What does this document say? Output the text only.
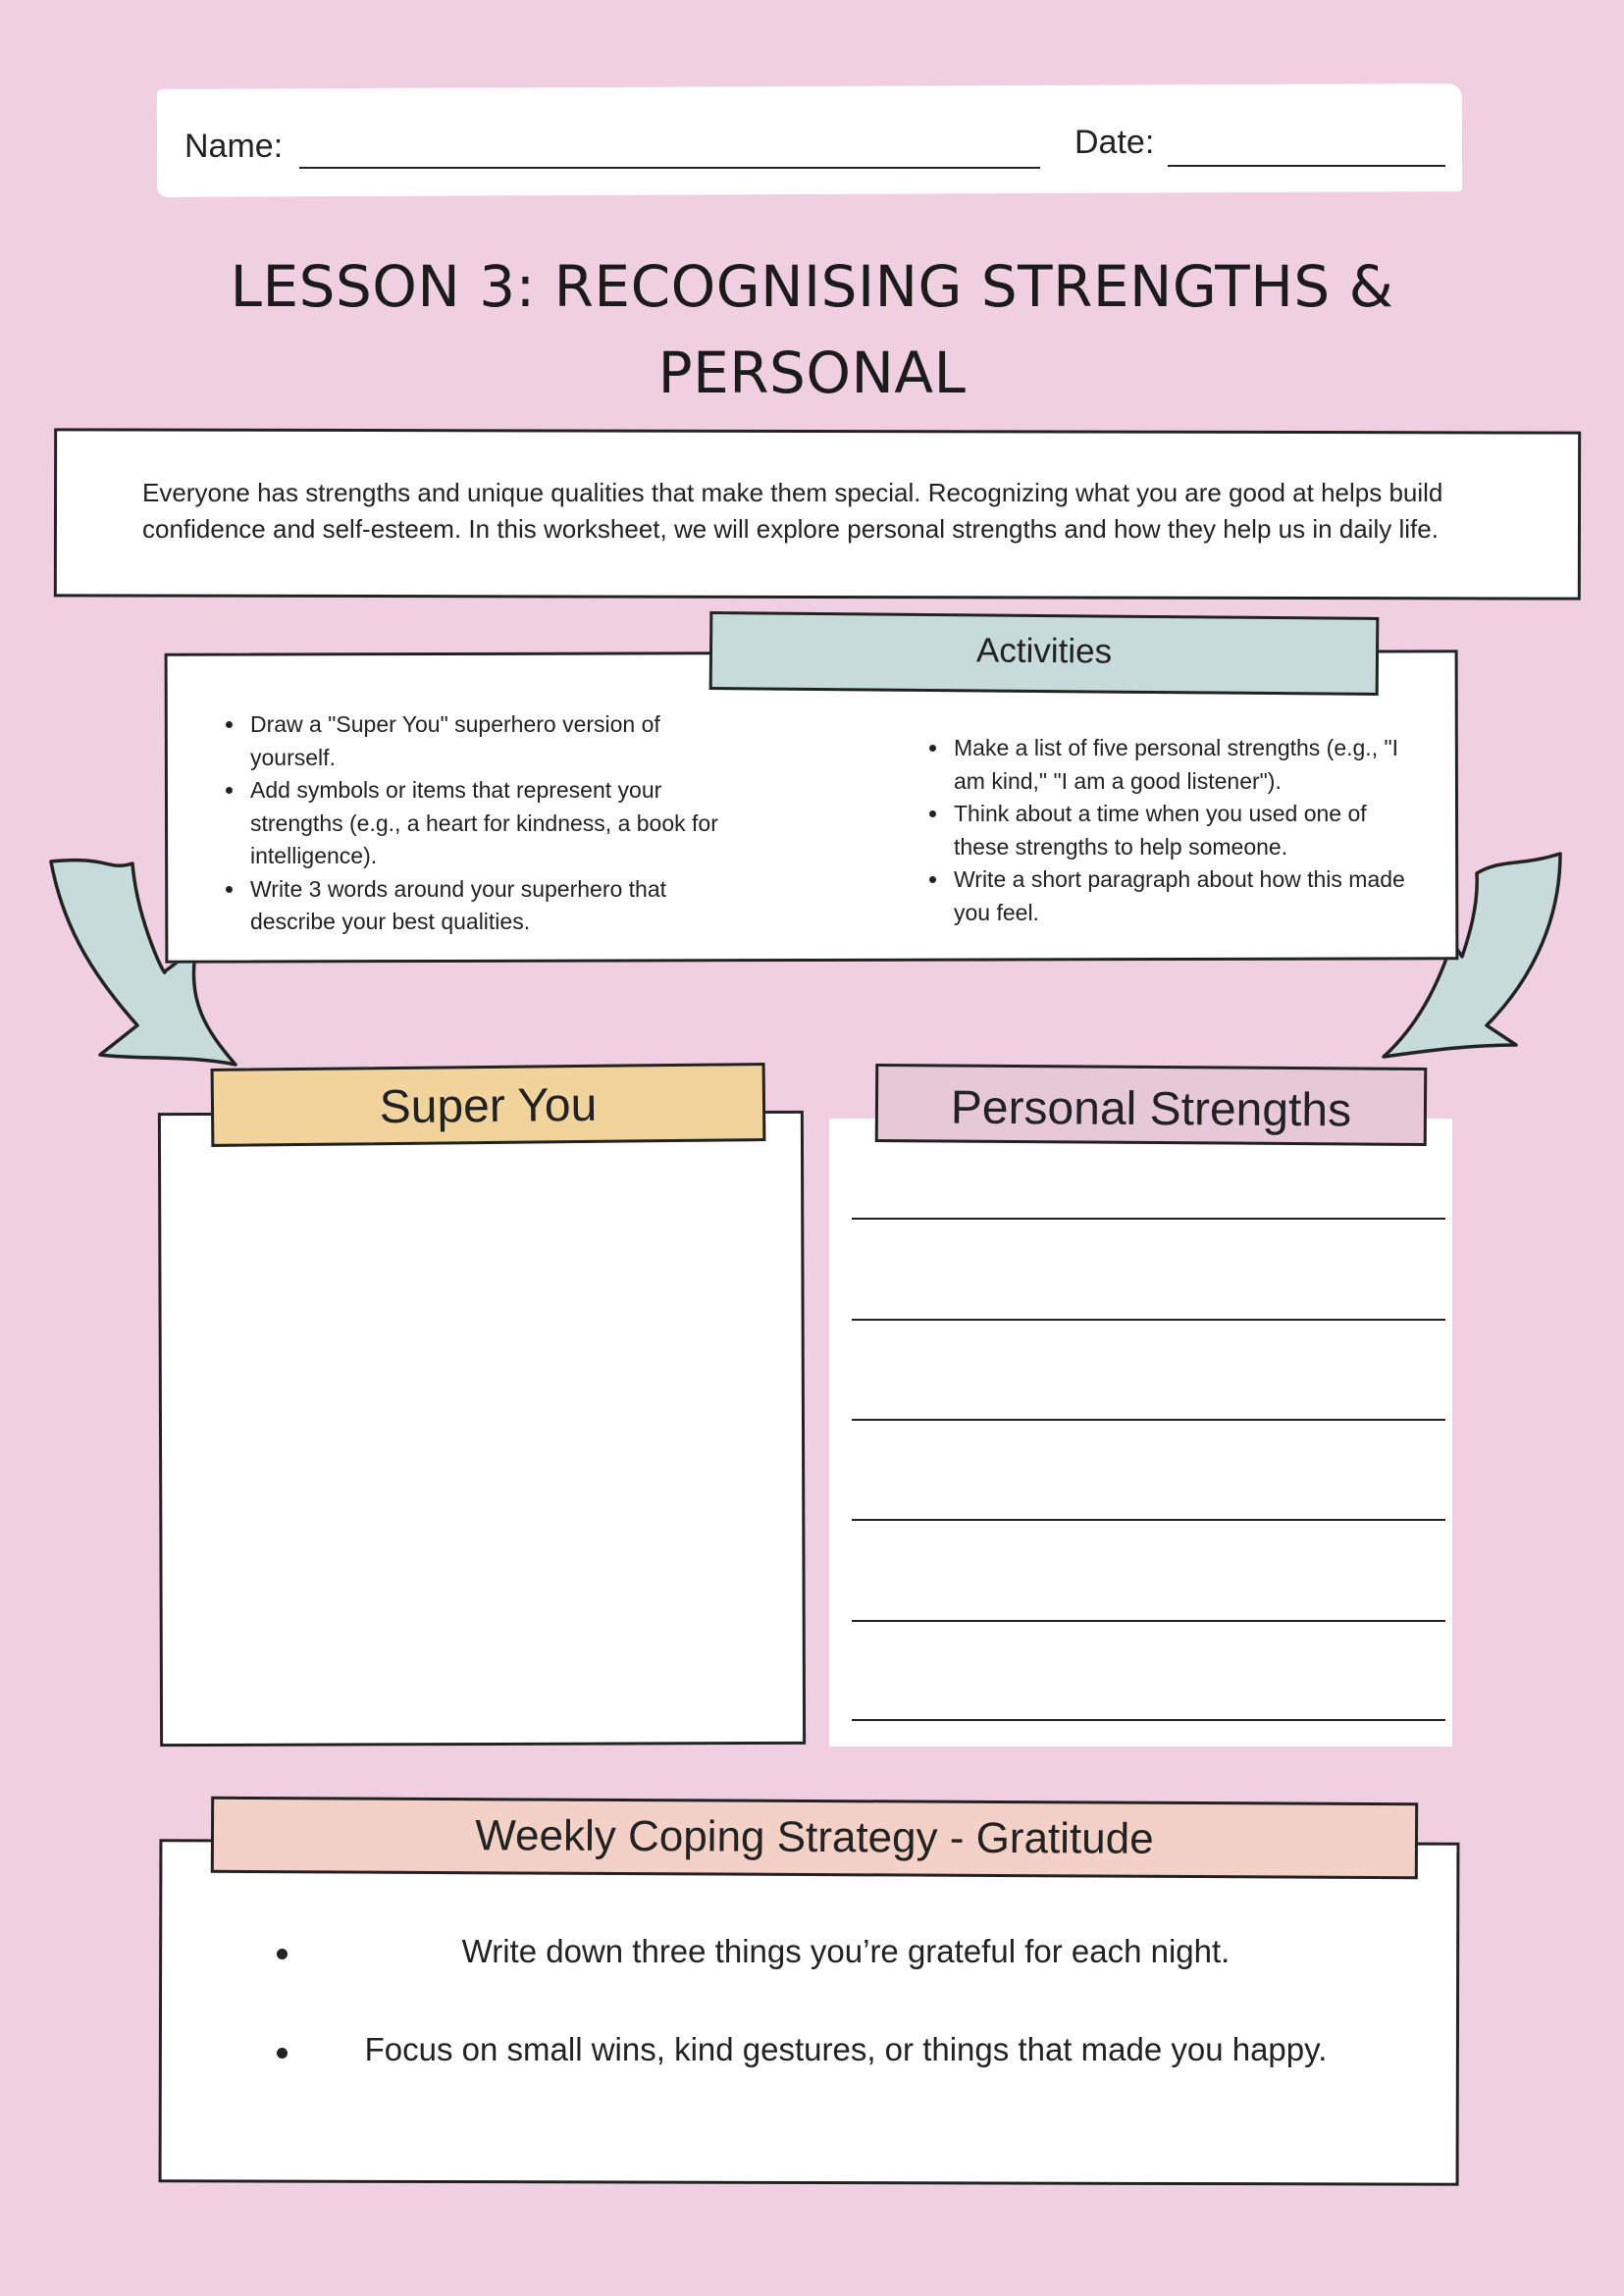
Name:	Date:
LESSON 3: RECOGNISING STRENGTHS & PERSONAL
Everyone has strengths and unique qualities that make them special. Recognizing what you are good at helps build
confidence and self-esteem. In this worksheet, we will explore personal strengths and how they help us in daily life.
Activities
• Draw a "Super You" superhero version of yourself.
• Add symbols or items that represent your strengths (e.g., a heart for kindness, a book for intelligence).
• Write 3 words around your superhero that describe your best qualities.
• Make a list of five personal strengths (e.g., "I am kind," "I am a good listener").
• Think about a time when you used one of these strengths to help someone.
• Write a short paragraph about how this made you feel.
Super You	Personal Strengths
Weekly Coping Strategy - Gratitude
Write down three things you’re grateful for each night.
Focus on small wins, kind gestures, or things that made you happy.
